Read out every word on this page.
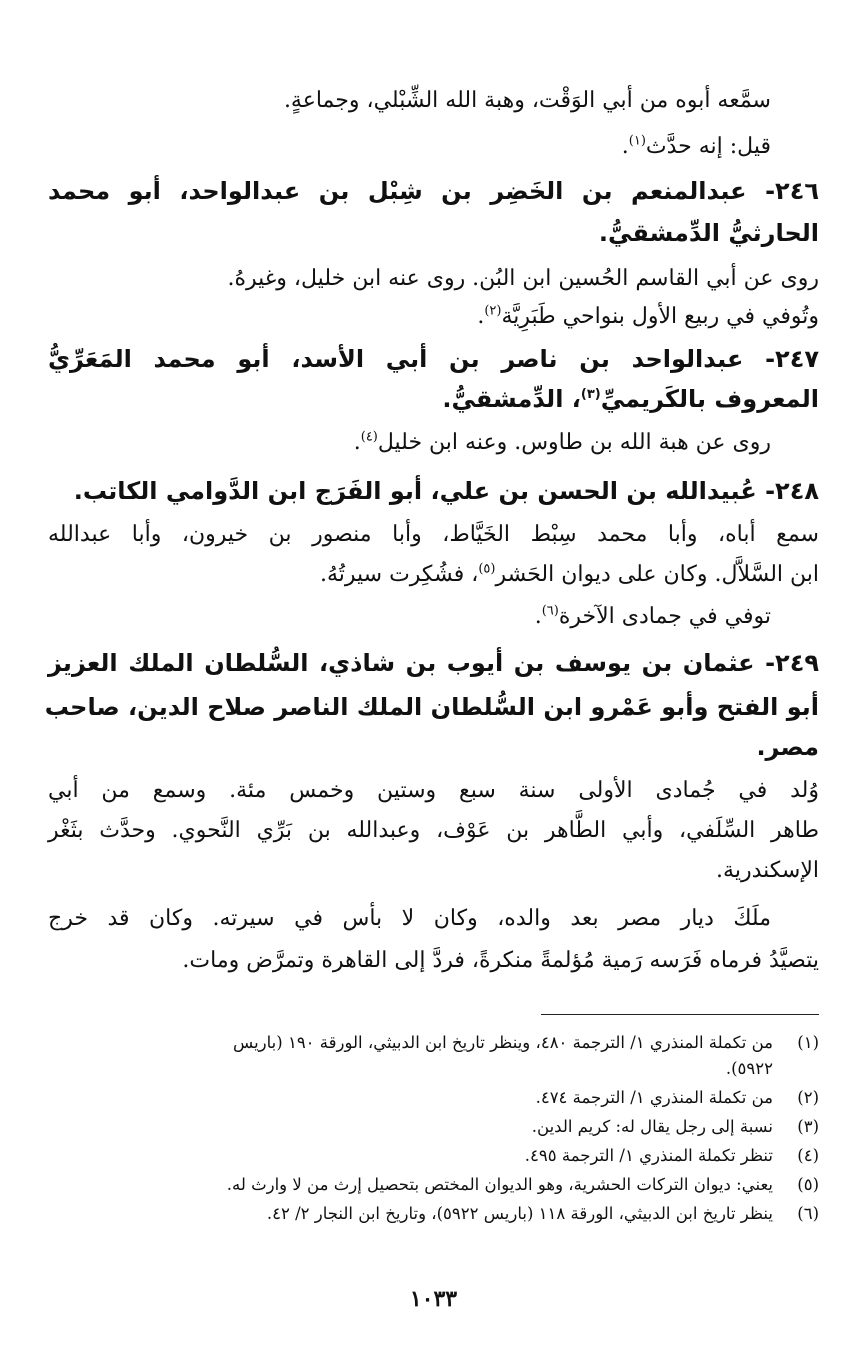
سمَّعه أبوه من أبي الوَقْت، وهبة الله الشِّبْلي، وجماعةٍ.
قيل: إنه حدَّث$^{(١)}$.
٢٤٦- عبدالمنعم بن الخَضِر بن شِبْل بن عبدالواحد، أبو محمد
الحارثيُّ الدِّمشقيُّ.
روى عن أبي القاسم الحُسين ابن البُن. روى عنه ابن خليل، وغيرهُ.
وتُوفي في ربيع الأول بنواحي طَبَرِيَّة$^{(٢)}$.
٢٤٧- عبدالواحد بن ناصر بن أبي الأسد، أبو محمد المَعَرِّيُّ
المعروف بالكَريميِّ$^{(٣)}$، الدِّمشقيُّ.
روى عن هبة الله بن طاوس. وعنه ابن خليل$^{(٤)}$.
٢٤٨- عُبيدالله بن الحسن بن علي، أبو الفَرَج ابن الدَّوامي الكاتب.
سمع أباه، وأبا محمد سِبْط الخَيَّاط، وأبا منصور بن خيرون، وأبا عبدالله
ابن السَّلاَّل. وكان على ديوان الحَشر$^{(٥)}$، فشُكِرت سيرتُهُ.
توفي في جمادى الآخرة$^{(٦)}$.
٢٤٩- عثمان بن يوسف بن أيوب بن شاذي، السُّلطان الملك العزيز
أبو الفتح وأبو عَمْرو ابن السُّلطان الملك الناصر صلاح الدين، صاحب
مصر.
وُلد في جُمادى الأولى سنة سبع وستين وخمس مئة. وسمع من أبي
طاهر السِّلَفي، وأبي الطَّاهر بن عَوْف، وعبدالله بن بَرِّي النَّحوي. وحدَّث بثَغْر
الإسكندرية.
ملَكَ ديار مصر بعد والده، وكان لا بأس في سيرته. وكان قد خرج
يتصيَّدُ فرماه فَرَسه رَمية مُؤلمةً منكرةً، فردَّ إلى القاهرة وتمرَّض ومات.
(١)
من تكملة المنذري ١/ الترجمة ٤٨٠، وينظر تاريخ ابن الدبيثي، الورقة ١٩٠ (باريس
٥٩٢٢).
(٢)
من تكملة المنذري ١/ الترجمة ٤٧٤.
(٣)
نسبة إلى رجل يقال له: كريم الدين.
(٤)
تنظر تكملة المنذري ١/ الترجمة ٤٩٥.
(٥)
يعني: ديوان التركات الحشرية، وهو الديوان المختص بتحصيل إرث من لا وارث له.
(٦)
ينظر تاريخ ابن الدبيثي، الورقة ١١٨ (باريس ٥٩٢٢)، وتاريخ ابن النجار ٢/ ٤٢.
١٠٣٣
